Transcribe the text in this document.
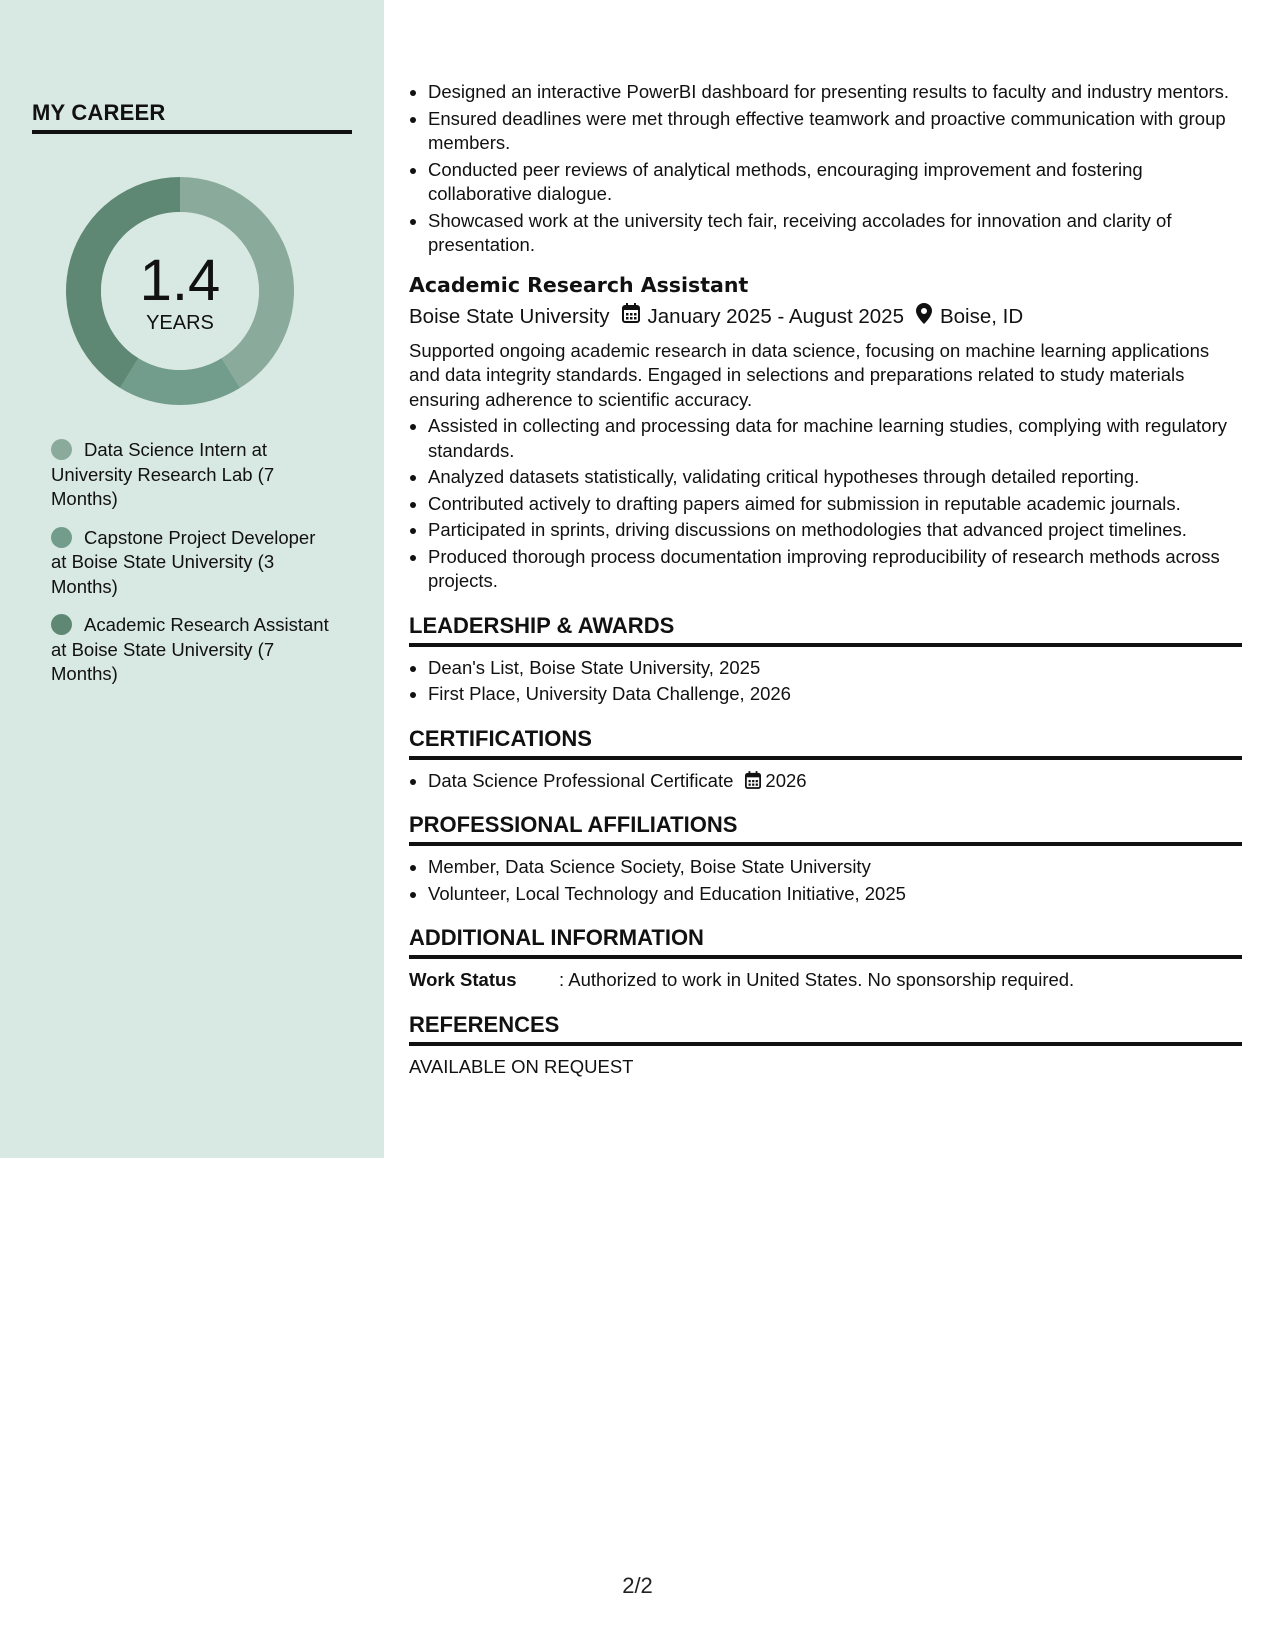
MY CAREER
1.4
YEARS
Data Science Intern at University Research Lab (7 Months)
Capstone Project Developer at Boise State University (3 Months)
Academic Research Assistant at Boise State University (7 Months)
• Designed an interactive PowerBI dashboard for presenting results to faculty and industry mentors.
• Ensured deadlines were met through effective teamwork and proactive communication with group members.
• Conducted peer reviews of analytical methods, encouraging improvement and fostering collaborative dialogue.
• Showcased work at the university tech fair, receiving accolades for innovation and clarity of presentation.
Academic Research Assistant
Boise State University January 2025 - August 2025 Boise, ID
Supported ongoing academic research in data science, focusing on machine learning applications and data integrity standards. Engaged in selections and preparations related to study materials ensuring adherence to scientific accuracy.
• Assisted in collecting and processing data for machine learning studies, complying with regulatory standards.
• Analyzed datasets statistically, validating critical hypotheses through detailed reporting.
• Contributed actively to drafting papers aimed for submission in reputable academic journals.
• Participated in sprints, driving discussions on methodologies that advanced project timelines.
• Produced thorough process documentation improving reproducibility of research methods across projects.
LEADERSHIP & AWARDS
• Dean's List, Boise State University, 2025
• First Place, University Data Challenge, 2026
CERTIFICATIONS
• Data Science Professional Certificate 2026
PROFESSIONAL AFFILIATIONS
• Member, Data Science Society, Boise State University
• Volunteer, Local Technology and Education Initiative, 2025
ADDITIONAL INFORMATION
Work Status : Authorized to work in United States. No sponsorship required.
REFERENCES
AVAILABLE ON REQUEST
2/2
